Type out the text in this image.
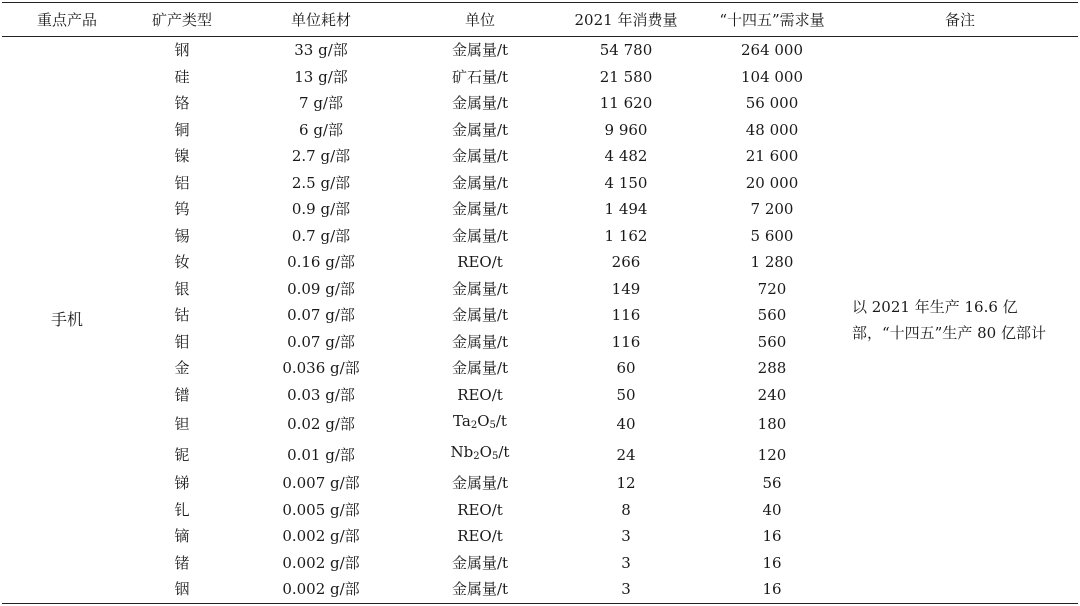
重点产品	矿产类型	单位耗材	单位	2021 年消费量	“十四五”需求量	备注
手机	钢	33 g/部	金属量/t	54 780	264 000	以 2021 年生产 16.6 亿部，“十四五”生产 80 亿部计
	硅	13 g/部	矿石量/t	21 580	104 000	
	铬	7 g/部	金属量/t	11 620	56 000	
	铜	6 g/部	金属量/t	9 960	48 000	
	镍	2.7 g/部	金属量/t	4 482	21 600	
	铝	2.5 g/部	金属量/t	4 150	20 000	
	钨	0.9 g/部	金属量/t	1 494	7 200	
	锡	0.7 g/部	金属量/t	1 162	5 600	
	钕	0.16 g/部	REO/t	266	1 280	
	银	0.09 g/部	金属量/t	149	720	
	钴	0.07 g/部	金属量/t	116	560	
	钼	0.07 g/部	金属量/t	116	560	
	金	0.036 g/部	金属量/t	60	288	
	镨	0.03 g/部	REO/t	50	240	
	钽	0.02 g/部	$Ta_2O_5/t$	40	180	
	铌	0.01 g/部	$Nb_2O_5/t$	24	120	
	锑	0.007 g/部	金属量/t	12	56	
	钆	0.005 g/部	REO/t	8	40	
	镝	0.002 g/部	REO/t	3	16	
	锗	0.002 g/部	金属量/t	3	16	
	铟	0.002 g/部	金属量/t	3	16	
